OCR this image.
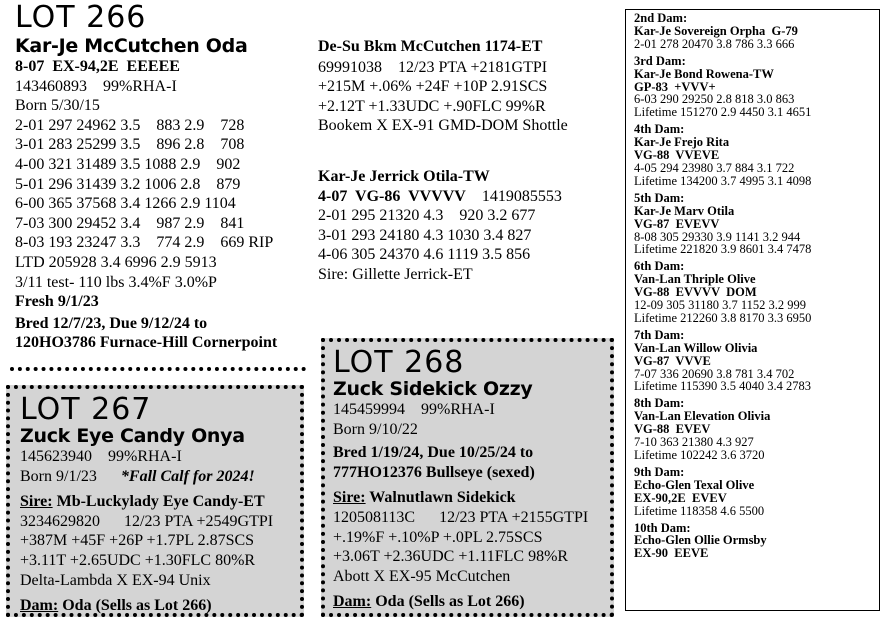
LOT 266
Kar-Je McCutchen Oda
8-07  EX-94,2E  EEEEE
143460893    99%RHA-I
Born 5/30/15
2-01 297 24962 3.5    883 2.9    728
3-01 283 25299 3.5    896 2.8    708
4-00 321 31489 3.5 1088 2.9    902
5-01 296 31439 3.2 1006 2.8    879
6-00 365 37568 3.4 1266 2.9 1104
7-03 300 29452 3.4    987 2.9    841
8-03 193 23247 3.3    774 2.9    669 RIP
LTD 205928 3.4 6996 2.9 5913
3/11 test- 110 lbs 3.4%F 3.0%P
Fresh 9/1/23
Bred 12/7/23, Due 9/12/24 to
120HO3786 Furnace-Hill Cornerpoint
De-Su Bkm McCutchen 1174-ET
69991038    12/23 PTA +2181GTPI
+215M +.06% +24F +10P 2.91SCS
+2.12T +1.33UDC +.90FLC 99%R
Bookem X EX-91 GMD-DOM Shottle
Kar-Je Jerrick Otila-TW
4-07  VG-86  VVVVV 1419085553
2-01 295 21320 4.3    920 3.2 677
3-01 293 24180 4.3 1030 3.4 827
4-06 305 24370 4.6 1119 3.5 856
Sire: Gillette Jerrick-ET
LOT 267
Zuck Eye Candy Onya
145623940    99%RHA-I
Born 9/1/23 *Fall Calf for 2024!
Sire: Mb-Luckylady Eye Candy-ET
3234629820      12/23 PTA +2549GTPI
+387M +45F +26P +1.7PL 2.87SCS
+3.11T +2.65UDC +1.30FLC 80%R
Delta-Lambda X EX-94 Unix
Dam: Oda (Sells as Lot 266)
LOT 268
Zuck Sidekick Ozzy
145459994    99%RHA-I
Born 9/10/22
Bred 1/19/24, Due 10/25/24 to
777HO12376 Bullseye (sexed)
Sire: Walnutlawn Sidekick
120508113C      12/23 PTA +2155GTPI
+.19%F +.10%P +.0PL 2.75SCS
+3.06T +2.36UDC +1.11FLC 98%R
Abott X EX-95 McCutchen
Dam: Oda (Sells as Lot 266)
2nd Dam:
Kar-Je Sovereign Orpha  G-79
2-01 278 20470 3.8 786 3.3 666
3rd Dam:
Kar-Je Bond Rowena-TW
GP-83  +VVV+
6-03 290 29250 2.8 818 3.0 863
Lifetime 151270 2.9 4450 3.1 4651
4th Dam:
Kar-Je Frejo Rita
VG-88  VVEVE
4-05 294 23980 3.7 884 3.1 722
Lifetime 134200 3.7 4995 3.1 4098
5th Dam:
Kar-Je Marv Otila
VG-87  EVEVV
8-08 305 29330 3.9 1141 3.2 944
Lifetime 221820 3.9 8601 3.4 7478
6th Dam:
Van-Lan Thriple Olive
VG-88  EVVVV  DOM
12-09 305 31180 3.7 1152 3.2 999
Lifetime 212260 3.8 8170 3.3 6950
7th Dam:
Van-Lan Willow Olivia
VG-87  VVVE
7-07 336 20690 3.8 781 3.4 702
Lifetime 115390 3.5 4040 3.4 2783
8th Dam:
Van-Lan Elevation Olivia
VG-88  EVEV
7-10 363 21380 4.3 927
Lifetime 102242 3.6 3720
9th Dam:
Echo-Glen Texal Olive
EX-90,2E  EVEV
Lifetime 118358 4.6 5500
10th Dam:
Echo-Glen Ollie Ormsby
EX-90  EEVE
